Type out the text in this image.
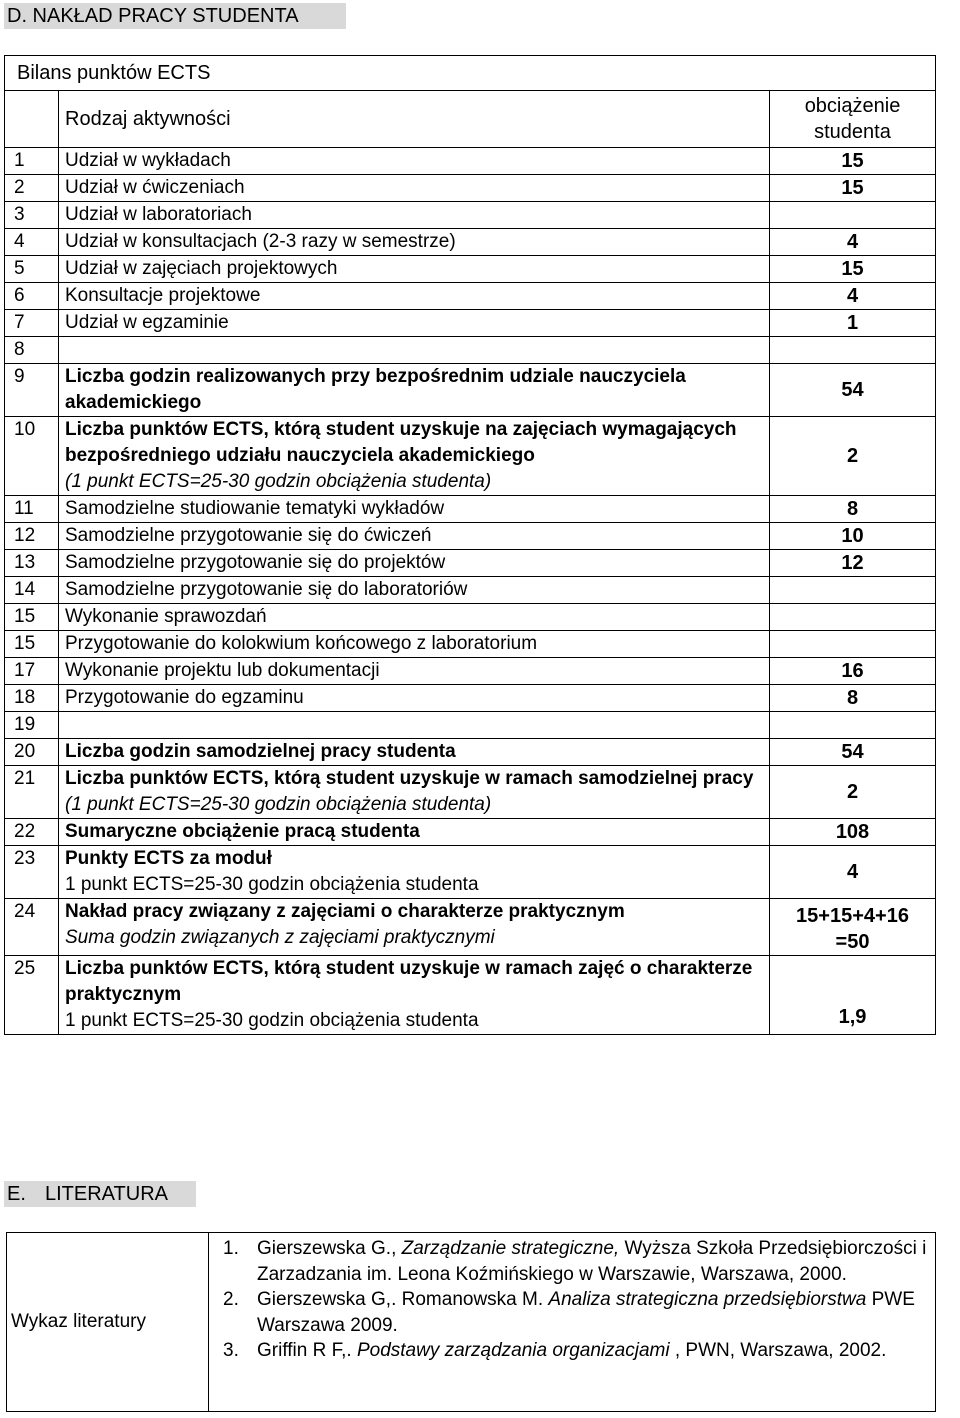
D. NAKŁAD PRACY STUDENTA
Bilans punktów ECTS		
	Rodzaj aktywności	obciążenie
studenta

1	Udział w wykładach	15
2	Udział w ćwiczeniach	15
3	Udział w laboratoriach	

4	Udział w konsultacjach (2-3 razy w semestrze)	4
5	Udział w zajęciach projektowych	15
6	Konsultacje projektowe	4
7	Udział w egzaminie	1
8	

9	Liczba godzin realizowanych przy bezpośrednim udziale nauczyciela akademickiego	54
10	Liczba punktów ECTS, którą student uzyskuje na zajęciach wymagających bezpośredniego udziału nauczyciela akademickiego
(1 punkt ECTS=25-30 godzin obciążenia studenta)	2
11	Samodzielne studiowanie tematyki wykładów	8
12	Samodzielne przygotowanie się do ćwiczeń	10
13	Samodzielne przygotowanie się do projektów	12
14	Samodzielne przygotowanie się do laboratoriów	

15	Wykonanie sprawozdań	

15	Przygotowanie do kolokwium końcowego z laboratorium	

17	Wykonanie projektu lub dokumentacji	16
18	Przygotowanie do egzaminu	8
19	

20	Liczba godzin samodzielnej pracy studenta	54
21	Liczba punktów ECTS, którą student uzyskuje w ramach samodzielnej pracy
(1 punkt ECTS=25-30 godzin obciążenia studenta)	2
22	Sumaryczne obciążenie pracą studenta	108
23	Punkty ECTS za moduł
1 punkt ECTS=25-30 godzin obciążenia studenta	4
24	Nakład pracy związany z zajęciami o charakterze praktycznym
Suma godzin związanych z zajęciami praktycznymi	15+15+4+16
=50

25	Liczba punktów ECTS, którą student uzyskuje w ramach zajęć o charakterze praktycznym
1 punkt ECTS=25-30 godzin obciążenia studenta	1,9
E. LITERATURA
Wykaz literatury	
1. Gierszewska G., Zarządzanie strategiczne, Wyższa Szkoła Przedsiębiorczości i Zarzadzania im. Leona Koźmińskiego w Warszawie, Warszawa, 2000.
2. Gierszewska G,. Romanowska M. Analiza strategiczna przedsiębiorstwa PWE Warszawa 2009.
3. Griffin R F,. Podstawy zarządzania organizacjami , PWN, Warszawa, 2002.
